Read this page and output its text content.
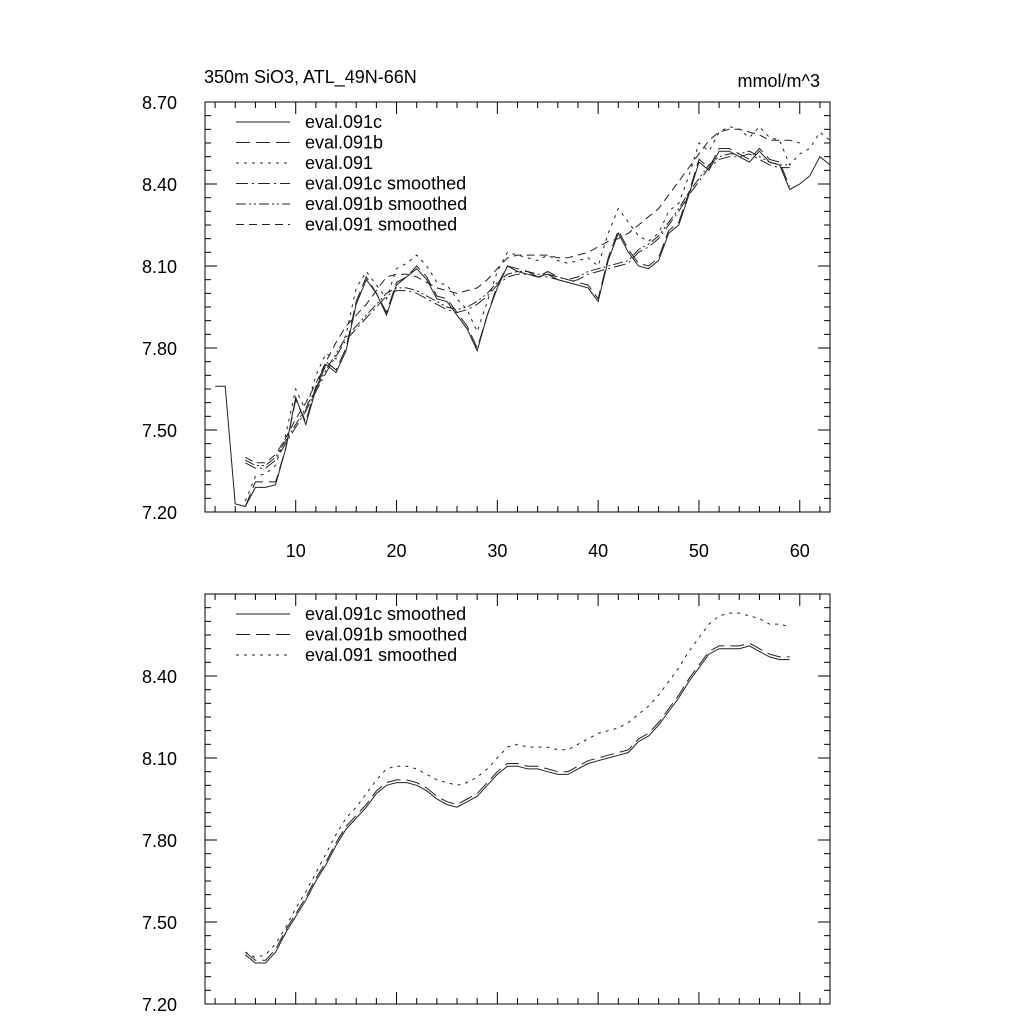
350m SiO3, ATL_49N-66N	mmol/m^3
10	20	30	40	50	60
7.20
7.50
7.80
8.10
8.40
8.70
eval.091c
eval.091b
eval.091
eval.091c smoothed
eval.091b smoothed
eval.091 smoothed
7.20
7.50
7.80
8.10
8.40
eval.091c smoothed
eval.091b smoothed
eval.091 smoothed
